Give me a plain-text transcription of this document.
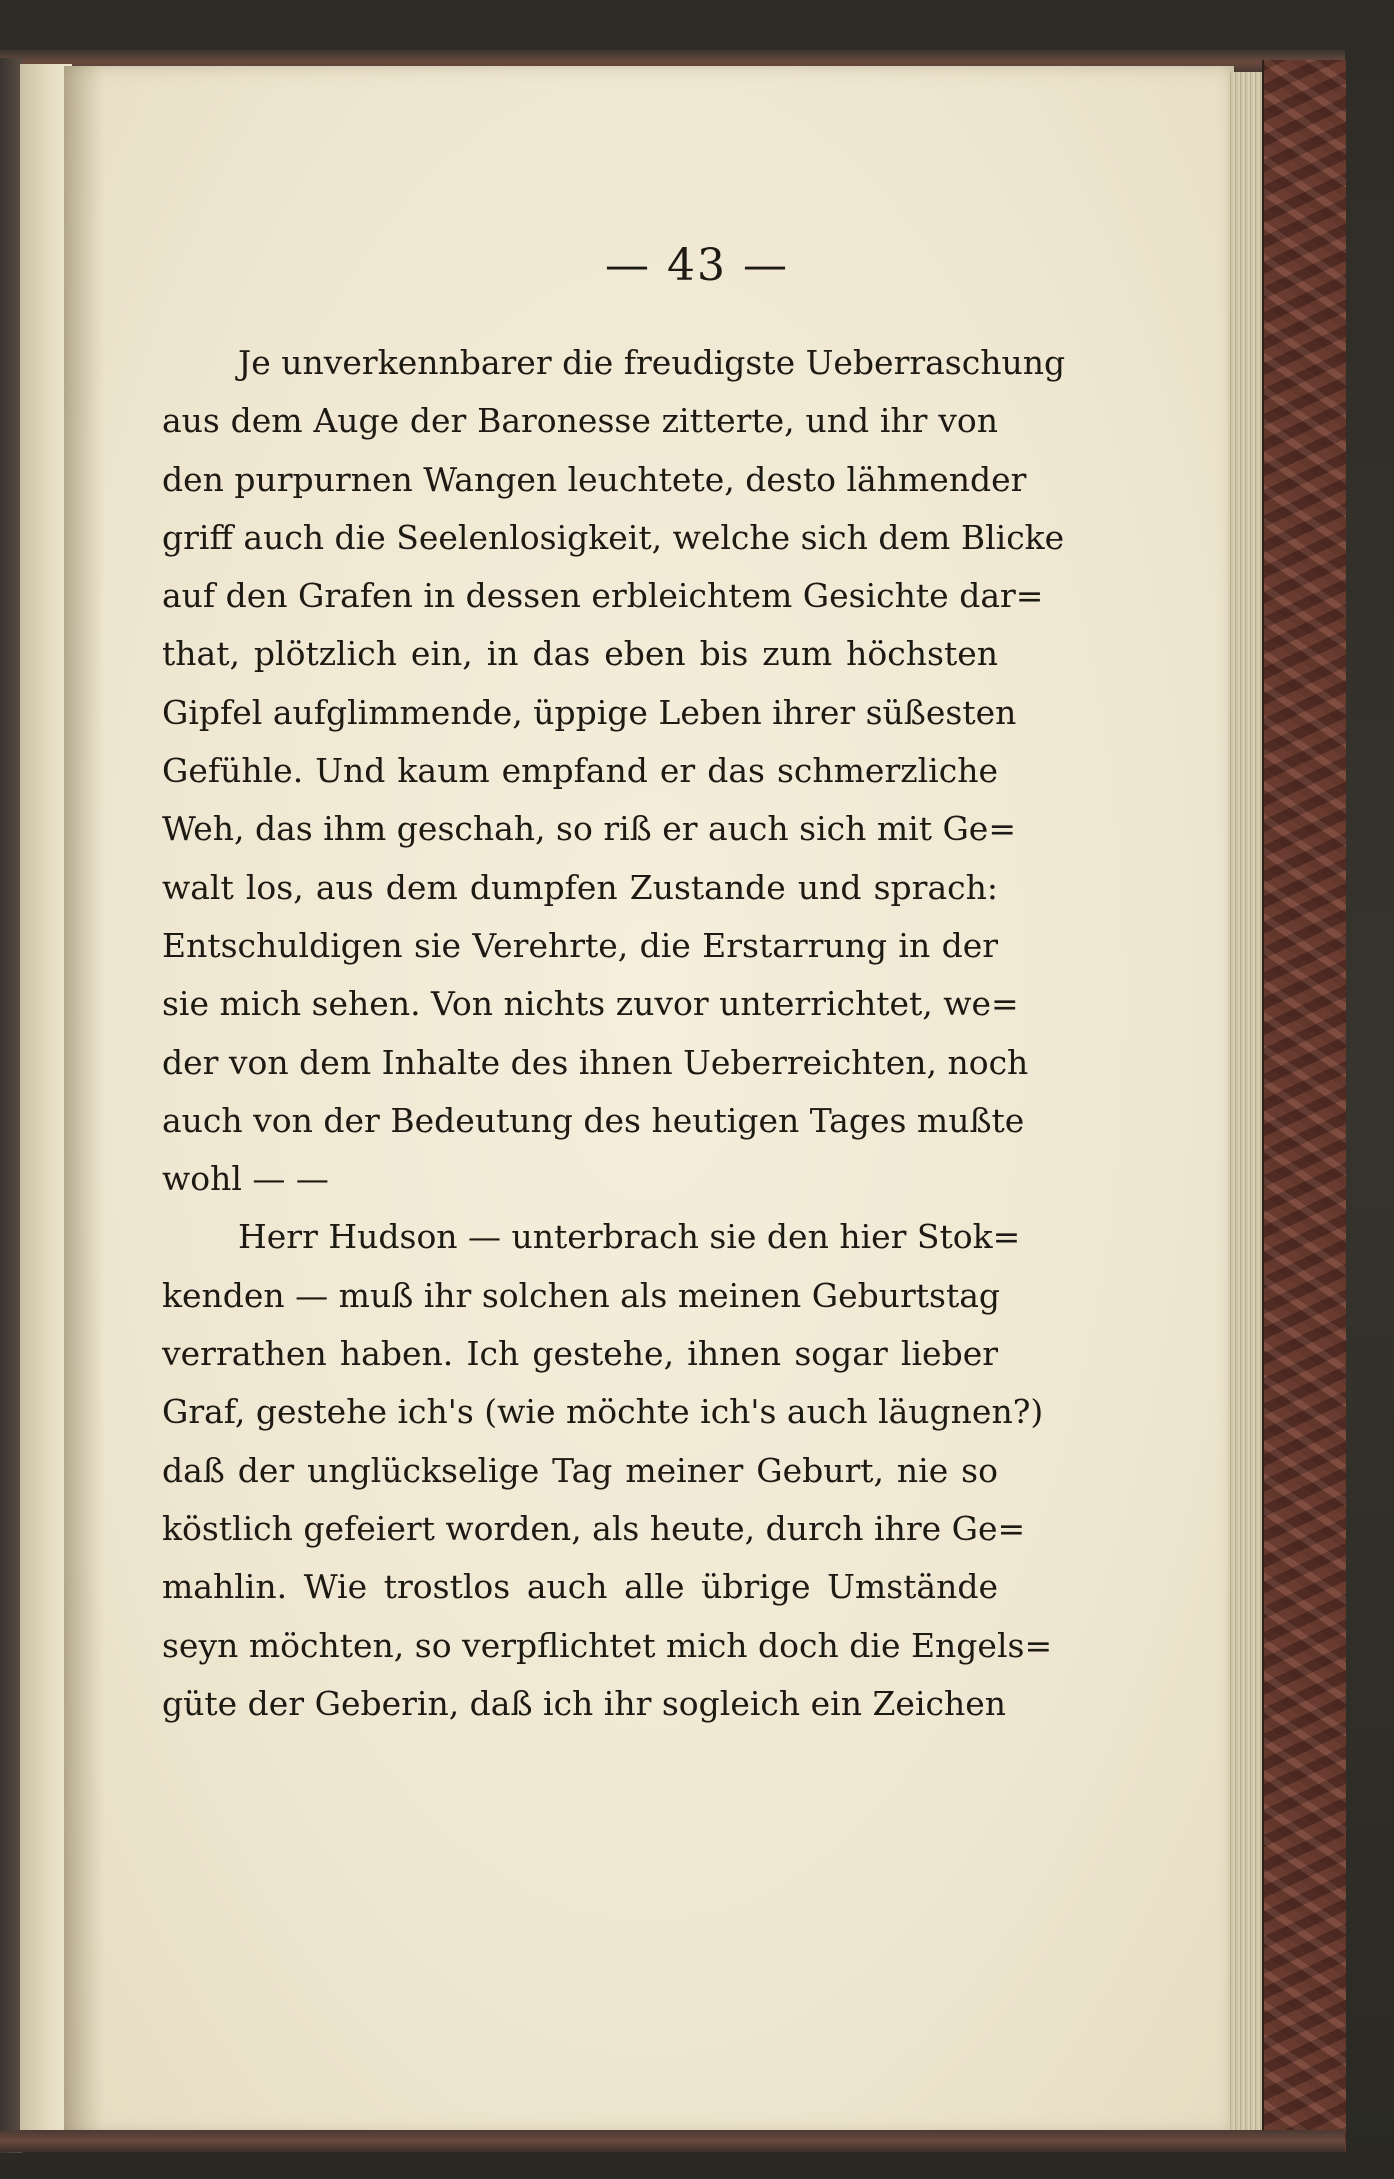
— 43 —
Je unverkennbarer die freudigste Ueberraschung
aus dem Auge der Baronesse zitterte, und ihr von
den purpurnen Wangen leuchtete, desto lähmender
griff auch die Seelenlosigkeit, welche sich dem Blicke
auf den Grafen in dessen erbleichtem Gesichte dar=
that, plötzlich ein, in das eben bis zum höchsten
Gipfel aufglimmende, üppige Leben ihrer süßesten
Gefühle. Und kaum empfand er das schmerzliche
Weh, das ihm geschah, so riß er auch sich mit Ge=
walt los, aus dem dumpfen Zustande und sprach:
Entschuldigen sie Verehrte, die Erstarrung in der
sie mich sehen. Von nichts zuvor unterrichtet, we=
der von dem Inhalte des ihnen Ueberreichten, noch
auch von der Bedeutung des heutigen Tages mußte
wohl — —
Herr Hudson — unterbrach sie den hier Stok=
kenden — muß ihr solchen als meinen Geburtstag
verrathen haben. Ich gestehe, ihnen sogar lieber
Graf, gestehe ich's (wie möchte ich's auch läugnen?)
daß der unglückselige Tag meiner Geburt, nie so
köstlich gefeiert worden, als heute, durch ihre Ge=
mahlin. Wie trostlos auch alle übrige Umstände
seyn möchten, so verpflichtet mich doch die Engels=
güte der Geberin, daß ich ihr sogleich ein Zeichen
